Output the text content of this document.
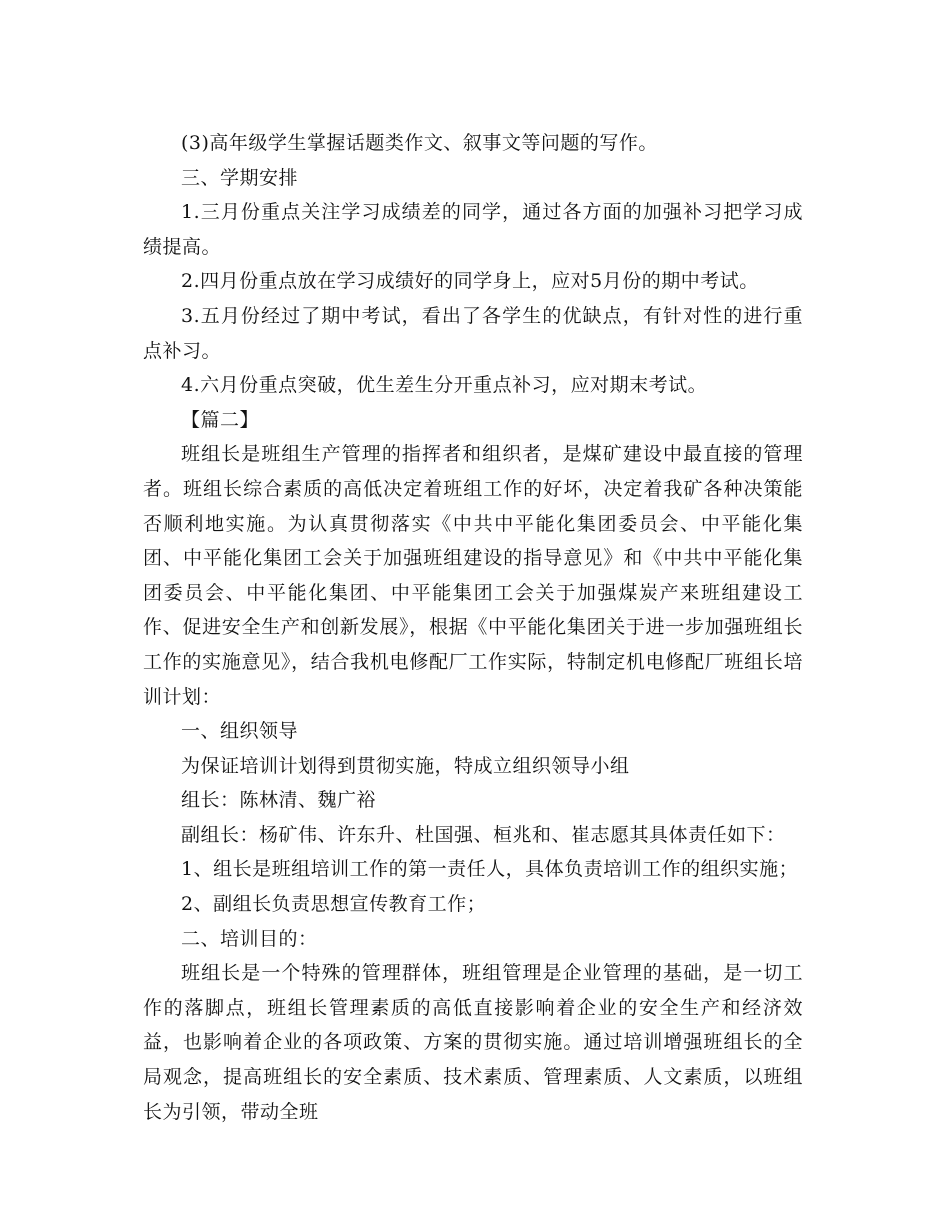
(3)高年级学生掌握话题类作文、叙事文等问题的写作。

三、学期安排

1.三月份重点关注学习成绩差的同学，通过各方面的加强补习把学习成绩提高。

2.四月份重点放在学习成绩好的同学身上，应对5月份的期中考试。

3.五月份经过了期中考试，看出了各学生的优缺点，有针对性的进行重点补习。

4.六月份重点突破，优生差生分开重点补习，应对期末考试。

【篇二】

班组长是班组生产管理的指挥者和组织者，是煤矿建设中最直接的管理者。班组长综合素质的高低决定着班组工作的好坏，决定着我矿各种决策能否顺利地实施。为认真贯彻落实《中共中平能化集团委员会、中平能化集团、中平能化集团工会关于加强班组建设的指导意见》和《中共中平能化集团委员会、中平能化集团、中平能集团工会关于加强煤炭产来班组建设工作、促进安全生产和创新发展》，根据《中平能化集团关于进一步加强班组长工作的实施意见》，结合我机电修配厂工作实际，特制定机电修配厂班组长培训计划：

一、组织领导

为保证培训计划得到贯彻实施，特成立组织领导小组

组长：陈林清、魏广裕

副组长：杨矿伟、许东升、杜国强、桓兆和、崔志愿其具体责任如下：

1、组长是班组培训工作的第一责任人，具体负责培训工作的组织实施；

2、副组长负责思想宣传教育工作；

二、培训目的：

班组长是一个特殊的管理群体，班组管理是企业管理的基础，是一切工作的落脚点，班组长管理素质的高低直接影响着企业的安全生产和经济效益，也影响着企业的各项政策、方案的贯彻实施。通过培训增强班组长的全局观念，提高班组长的安全素质、技术素质、管理素质、人文素质，以班组长为引领，带动全班
